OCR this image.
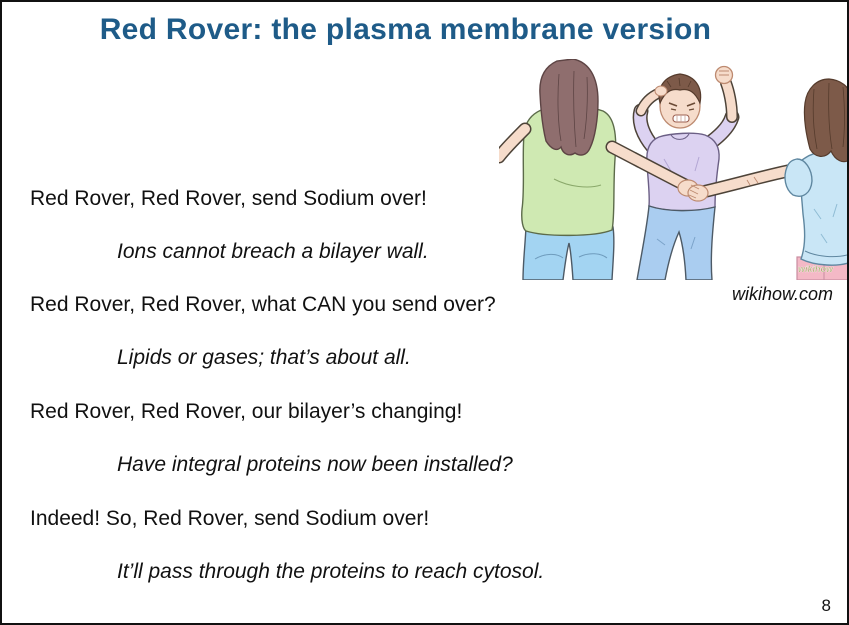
Red Rover: the plasma membrane version
Red Rover, Red Rover, send Sodium over!
Ions cannot breach a bilayer wall.
Red Rover, Red Rover, what CAN you send over?
Lipids or gases; that’s about all.
Red Rover, Red Rover, our bilayer’s changing!
Have integral proteins now been installed?
Indeed! So, Red Rover, send Sodium over!
It’ll pass through the proteins to reach cytosol.
wikihow
wikihow.com
8
